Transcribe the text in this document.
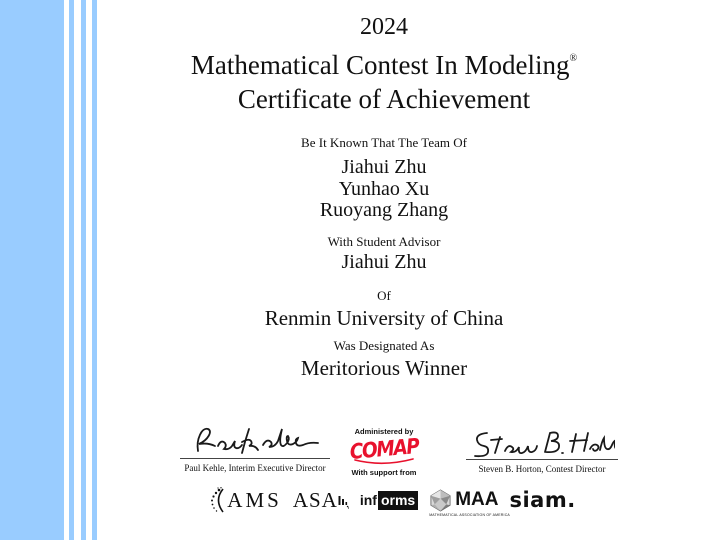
2024
Mathematical Contest In Modeling®
Certificate of Achievement
Be It Known That The Team Of
Jiahui Zhu
Yunhao Xu
Ruoyang Zhang
With Student Advisor
Jiahui Zhu
Of
Renmin University of China
Was Designated As
Meritorious Winner
Paul Kehle, Interim Executive Director
Administered by
COMAP
With support from	Steven B. Horton, Contest Director
AMS ASA inf orms MAA
MATHEMATICAL ASSOCIATION OF AMERICA
siam.
